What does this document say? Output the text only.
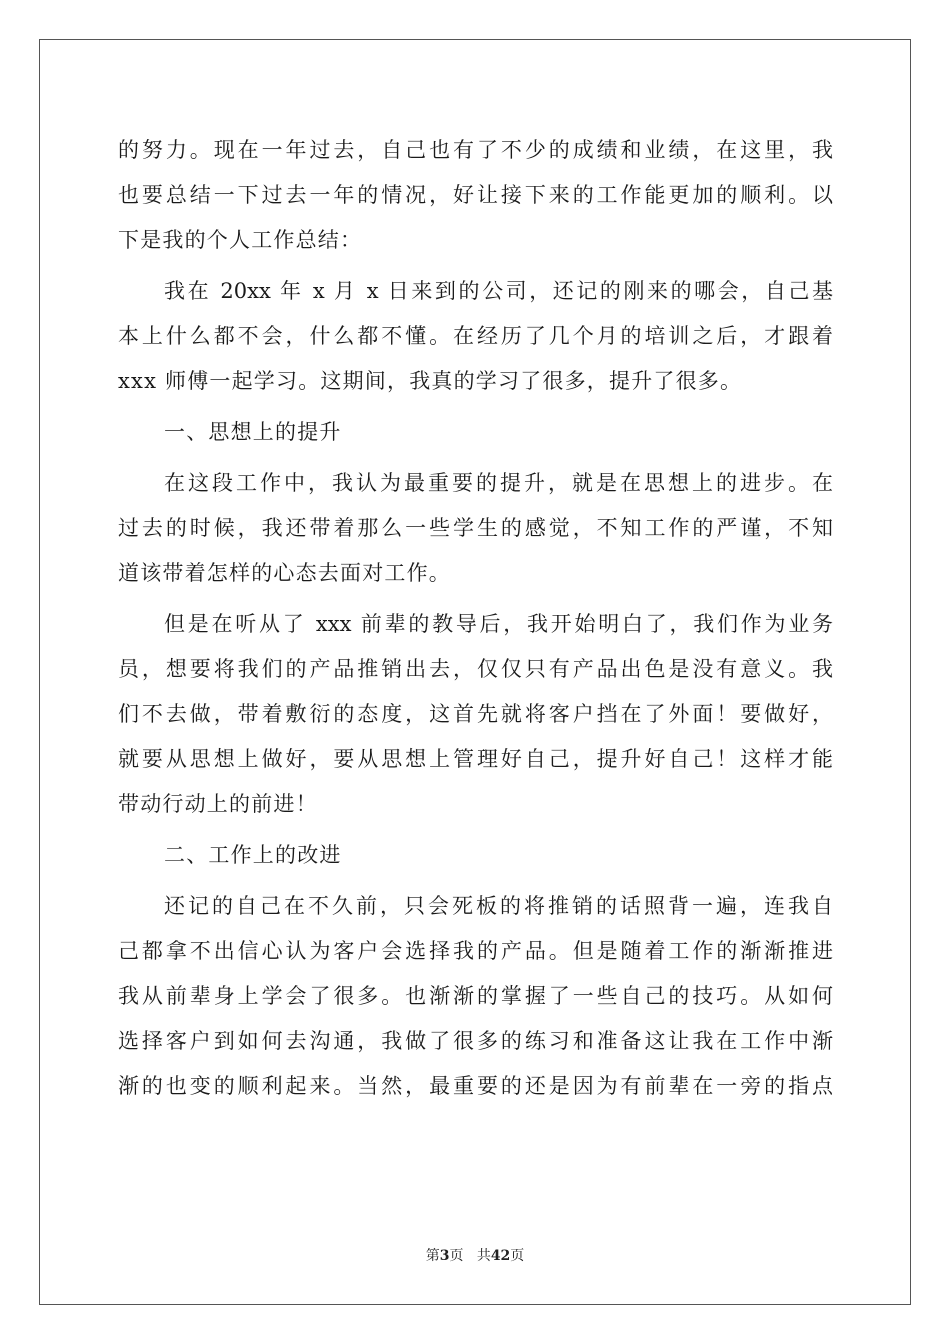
的努力。现在一年过去，自己也有了不少的成绩和业绩，在这里，我
也要总结一下过去一年的情况，好让接下来的工作能更加的顺利。以
下是我的个人工作总结：
我在 20xx 年 x 月 x 日来到的公司，还记的刚来的哪会，自己基
本上什么都不会，什么都不懂。在经历了几个月的培训之后，才跟着
xxx 师傅一起学习。这期间，我真的学习了很多，提升了很多。
一、思想上的提升
在这段工作中，我认为最重要的提升，就是在思想上的进步。在
过去的时候，我还带着那么一些学生的感觉，不知工作的严谨，不知
道该带着怎样的心态去面对工作。
但是在听从了 xxx 前辈的教导后，我开始明白了，我们作为业务
员，想要将我们的产品推销出去，仅仅只有产品出色是没有意义。我
们不去做，带着敷衍的态度，这首先就将客户挡在了外面！要做好，
就要从思想上做好，要从思想上管理好自己，提升好自己！这样才能
带动行动上的前进！
二、工作上的改进
还记的自己在不久前，只会死板的将推销的话照背一遍，连我自
己都拿不出信心认为客户会选择我的产品。但是随着工作的渐渐推进
我从前辈身上学会了很多。也渐渐的掌握了一些自己的技巧。从如何
选择客户到如何去沟通，我做了很多的练习和准备这让我在工作中渐
渐的也变的顺利起来。当然，最重要的还是因为有前辈在一旁的指点
第3页 共42页
